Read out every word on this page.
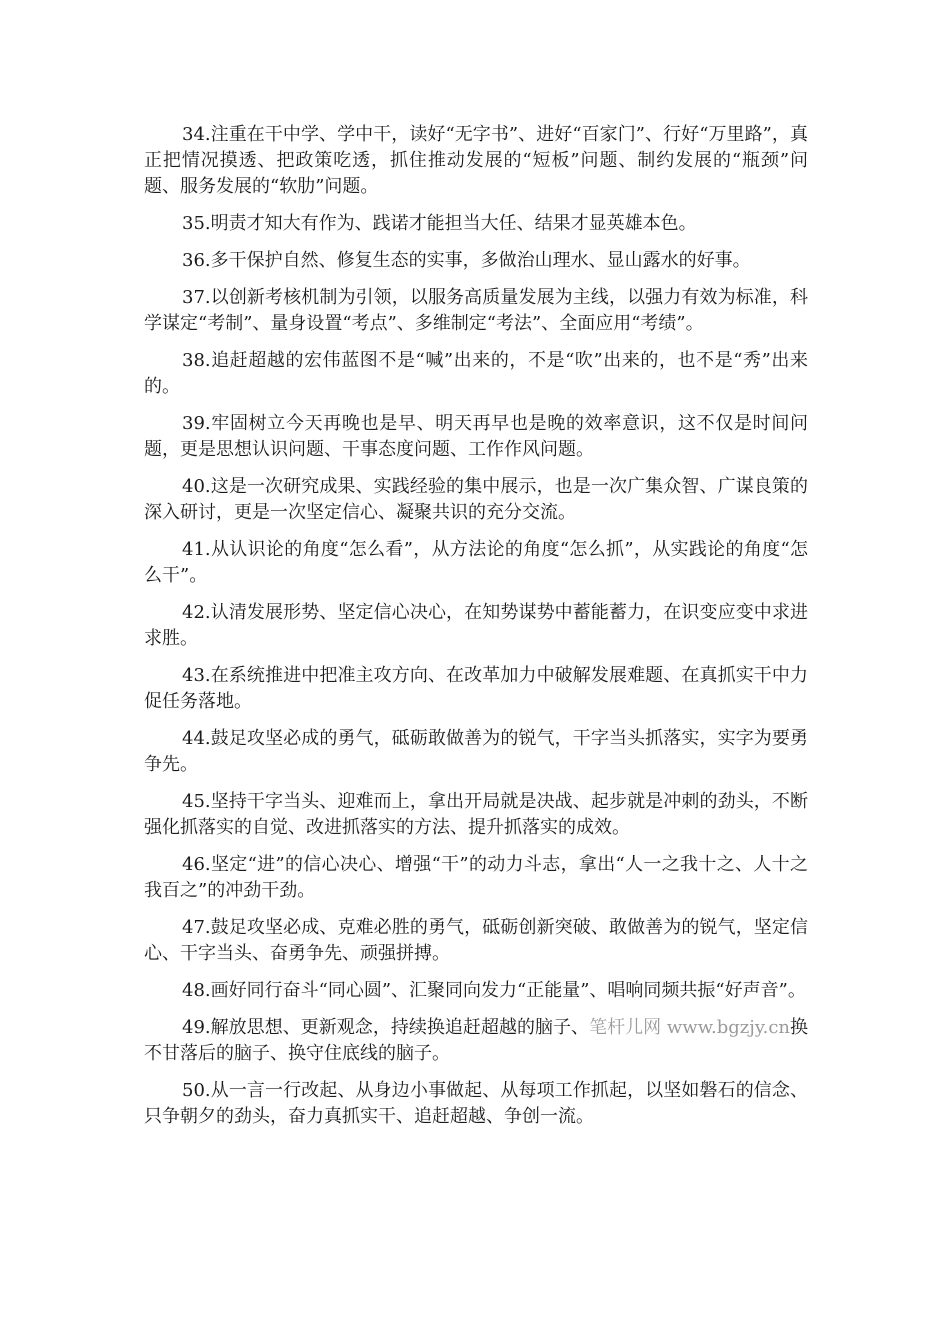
34.注重在干中学、学中干，读好“无字书”、进好“百家门”、行好“万里路”，真正把情况摸透、把政策吃透，抓住推动发展的“短板”问题、制约发展的“瓶颈”问题、服务发展的“软肋”问题。

35.明责才知大有作为、践诺才能担当大任、结果才显英雄本色。

36.多干保护自然、修复生态的实事，多做治山理水、显山露水的好事。

37.以创新考核机制为引领，以服务高质量发展为主线，以强力有效为标准，科学谋定“考制”、量身设置“考点”、多维制定“考法”、全面应用“考绩”。

38.追赶超越的宏伟蓝图不是“喊”出来的，不是“吹”出来的，也不是“秀”出来的。

39.牢固树立今天再晚也是早、明天再早也是晚的效率意识，这不仅是时间问题，更是思想认识问题、干事态度问题、工作作风问题。

40.这是一次研究成果、实践经验的集中展示，也是一次广集众智、广谋良策的深入研讨，更是一次坚定信心、凝聚共识的充分交流。

41.从认识论的角度“怎么看”，从方法论的角度“怎么抓”，从实践论的角度“怎么干”。

42.认清发展形势、坚定信心决心，在知势谋势中蓄能蓄力，在识变应变中求进求胜。

43.在系统推进中把准主攻方向、在改革加力中破解发展难题、在真抓实干中力促任务落地。

44.鼓足攻坚必成的勇气，砥砺敢做善为的锐气，干字当头抓落实，实字为要勇争先。

45.坚持干字当头、迎难而上，拿出开局就是决战、起步就是冲刺的劲头，不断强化抓落实的自觉、改进抓落实的方法、提升抓落实的成效。

46.坚定“进”的信心决心、增强“干”的动力斗志，拿出“人一之我十之、人十之我百之”的冲劲干劲。

47.鼓足攻坚必成、克难必胜的勇气，砥砺创新突破、敢做善为的锐气，坚定信心、干字当头、奋勇争先、顽强拼搏。

48.画好同行奋斗“同心圆”、汇聚同向发力“正能量”、唱响同频共振“好声音”。

49.解放思想、更新观念，持续换追赶超越的脑子、笔杆儿网 www.bgzjy.cn换不甘落后的脑子、换守住底线的脑子。

50.从一言一行改起、从身边小事做起、从每项工作抓起，以坚如磐石的信念、只争朝夕的劲头，奋力真抓实干、追赶超越、争创一流。
